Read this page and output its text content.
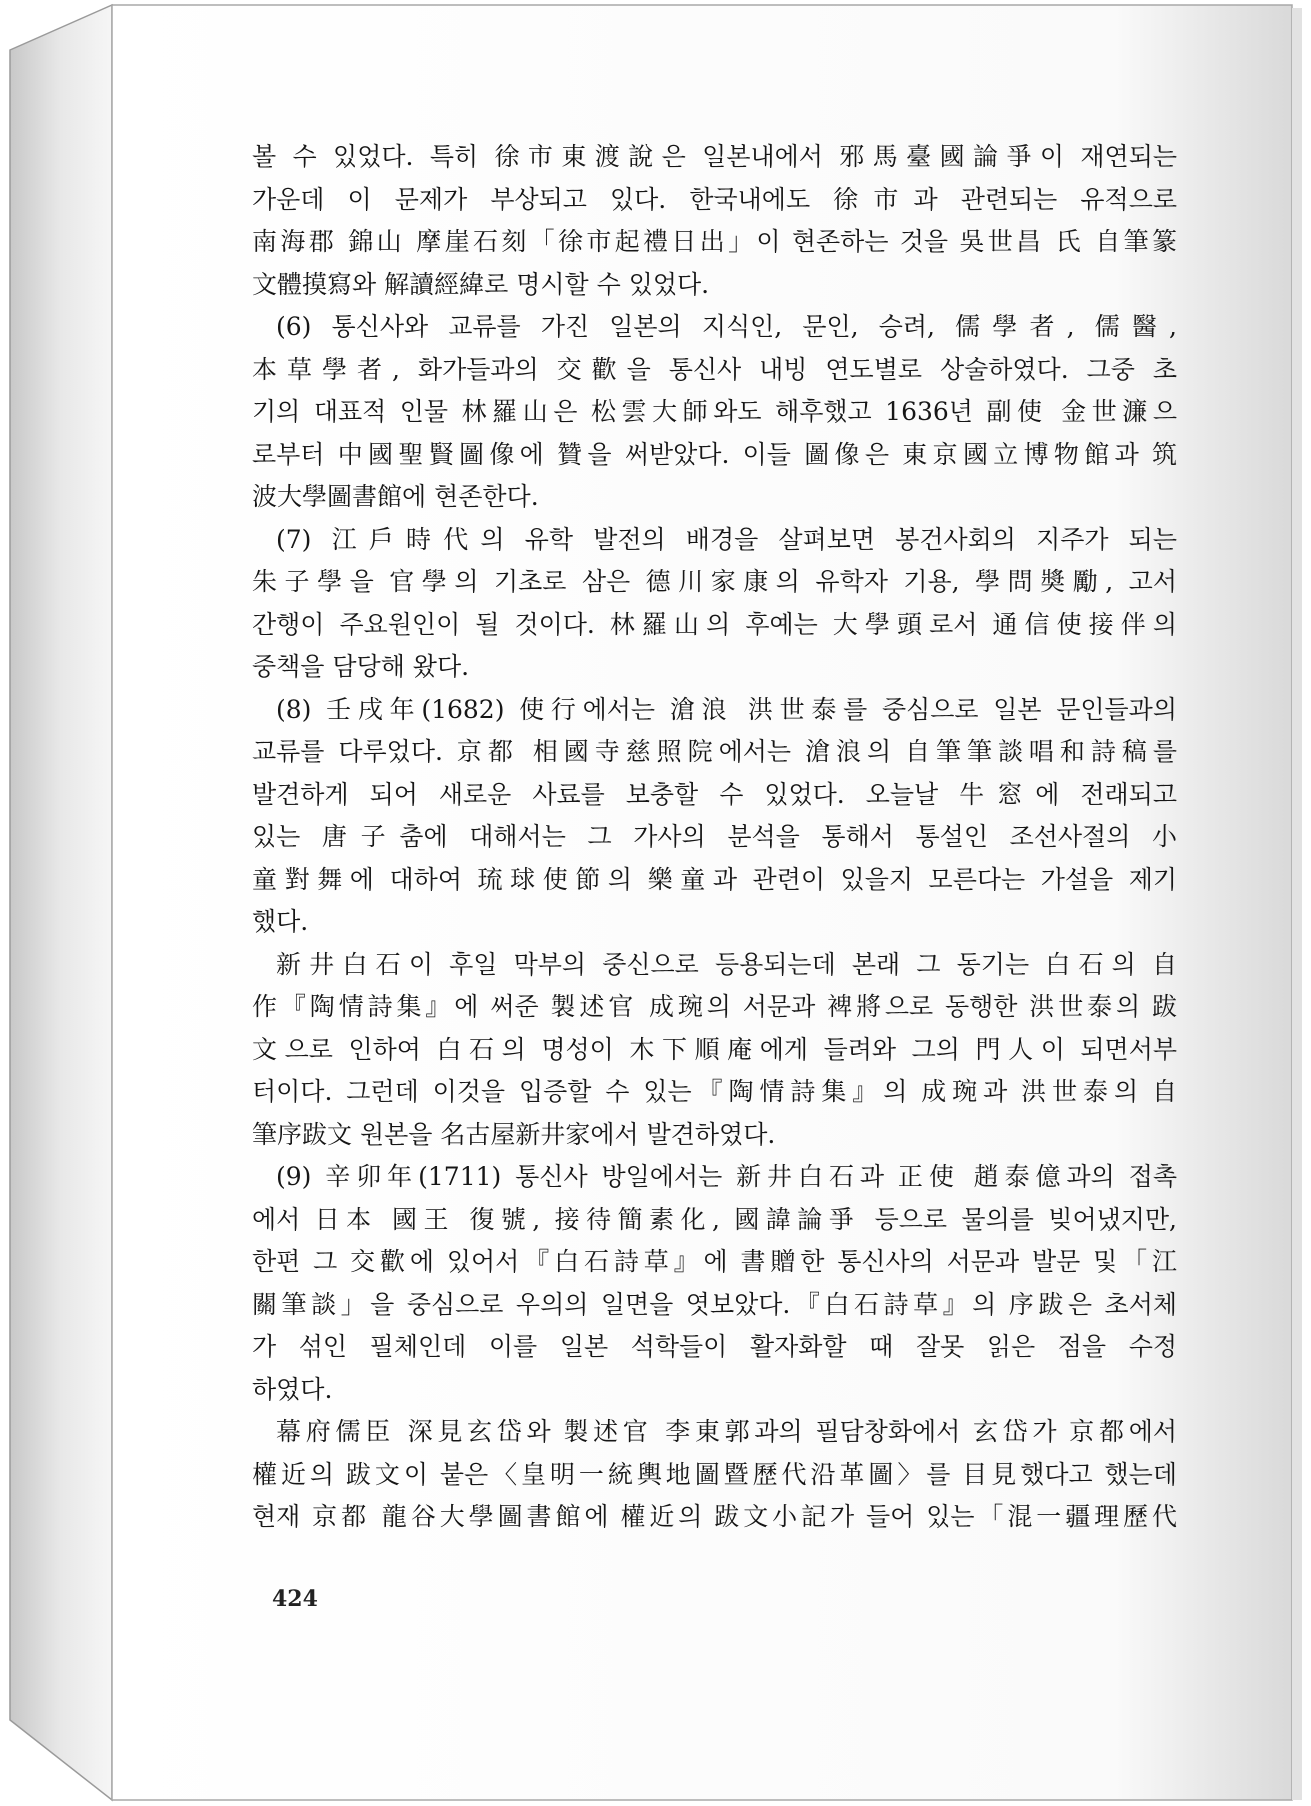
볼 수 있었다. 특히 徐市東渡說은 일본내에서 邪馬臺國論爭이 재연되는
가운데 이 문제가 부상되고 있다. 한국내에도 徐市과 관련되는 유적으로
南海郡 錦山 摩崖石刻「徐市起禮日出」이 현존하는 것을 吳世昌 氏 自筆篆
文體摸寫와 解讀經緯로 명시할 수 있었다.
(6) 통신사와 교류를 가진 일본의 지식인, 문인, 승려, 儒學者, 儒醫,
本草學者, 화가들과의 交歡을 통신사 내빙 연도별로 상술하였다. 그중 초
기의 대표적 인물 林羅山은 松雲大師와도 해후했고 1636년 副使 金世濂으
로부터 中國聖賢圖像에 贊을 써받았다. 이들 圖像은 東京國立博物館과 筑
波大學圖書館에 현존한다.
(7) 江戶時代의 유학 발전의 배경을 살펴보면 봉건사회의 지주가 되는
朱子學을 官學의 기초로 삼은 德川家康의 유학자 기용, 學問奬勵, 고서
간행이 주요원인이 될 것이다. 林羅山의 후예는 大學頭로서 通信使接伴의
중책을 담당해 왔다.
(8) 壬戌年(1682) 使行에서는 滄浪 洪世泰를 중심으로 일본 문인들과의
교류를 다루었다. 京都 相國寺慈照院에서는 滄浪의 自筆筆談唱和詩稿를
발견하게 되어 새로운 사료를 보충할 수 있었다. 오늘날 牛窓에 전래되고
있는 唐子춤에 대해서는 그 가사의 분석을 통해서 통설인 조선사절의 小
童對舞에 대하여 琉球使節의 樂童과 관련이 있을지 모른다는 가설을 제기
했다.
新井白石이 후일 막부의 중신으로 등용되는데 본래 그 동기는 白石의 自
作『陶情詩集』에 써준 製述官 成琬의 서문과 裨將으로 동행한 洪世泰의 跋
文으로 인하여 白石의 명성이 木下順庵에게 들려와 그의 門人이 되면서부
터이다. 그런데 이것을 입증할 수 있는『陶情詩集』의 成琬과 洪世泰의 自
筆序跋文 원본을 名古屋新井家에서 발견하였다.
(9) 辛卯年(1711) 통신사 방일에서는 新井白石과 正使 趙泰億과의 접촉
에서 日本 國王 復號, 接待簡素化, 國諱論爭 등으로 물의를 빚어냈지만,
한편 그 交歡에 있어서『白石詩草』에 書贈한 통신사의 서문과 발문 및「江
關筆談」을 중심으로 우의의 일면을 엿보았다.『白石詩草』의 序跋은 초서체
가 섞인 필체인데 이를 일본 석학들이 활자화할 때 잘못 읽은 점을 수정
하였다.
幕府儒臣 深見玄岱와 製述官 李東郭과의 필담창화에서 玄岱가 京都에서
權近의 跋文이 붙은〈皇明一統輿地圖暨歷代沿革圖〉를 目見했다고 했는데
현재 京都 龍谷大學圖書館에 權近의 跋文小記가 들어 있는「混一疆理歷代
424
